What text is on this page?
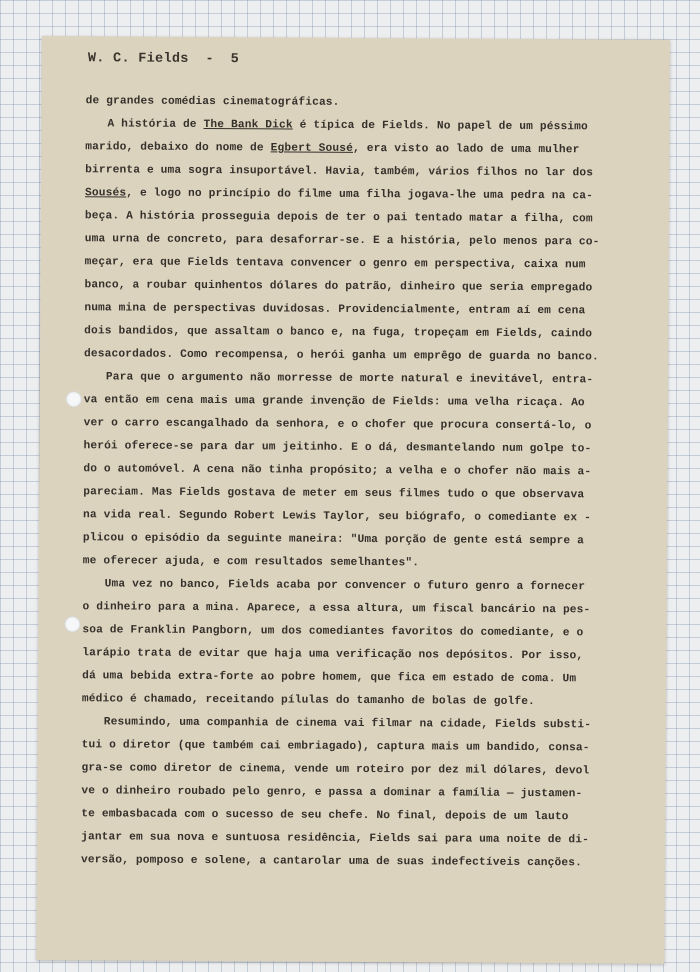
W. C. Fields  -  5
de grandes comédias cinematográficas.
A história de The Bank Dick é típica de Fields. No papel de um péssimo
marido, debaixo do nome de Egbert Sousé, era visto ao lado de uma mulher
birrenta e uma sogra insuportável. Havia, também, vários filhos no lar dos
Sousés, e logo no princípio do filme uma filha jogava-lhe uma pedra na ca-
beça. A história prosseguia depois de ter o pai tentado matar a filha, com
uma urna de concreto, para desaforrar-se. E a história, pelo menos para co-
meçar, era que Fields tentava convencer o genro em perspectiva, caixa num
banco, a roubar quinhentos dólares do patrão, dinheiro que seria empregado
numa mina de perspectivas duvidosas. Providencialmente, entram aí em cena
dois bandidos, que assaltam o banco e, na fuga, tropeçam em Fields, caindo
desacordados. Como recompensa, o herói ganha um emprêgo de guarda no banco.
Para que o argumento não morresse de morte natural e inevitável, entra-
va então em cena mais uma grande invenção de Fields: uma velha ricaça. Ao
ver o carro escangalhado da senhora, e o chofer que procura consertá-lo, o
herói oferece-se para dar um jeitinho. E o dá, desmantelando num golpe to-
do o automóvel. A cena não tinha propósito; a velha e o chofer não mais a-
pareciam. Mas Fields gostava de meter em seus filmes tudo o que observava
na vida real. Segundo Robert Lewis Taylor, seu biógrafo, o comediante ex -
plicou o episódio da seguinte maneira: "Uma porção de gente está sempre a
me oferecer ajuda, e com resultados semelhantes".
Uma vez no banco, Fields acaba por convencer o futuro genro a fornecer
o dinheiro para a mina. Aparece, a essa altura, um fiscal bancário na pes-
soa de Franklin Pangborn, um dos comediantes favoritos do comediante, e o
larápio trata de evitar que haja uma verificação nos depósitos. Por isso,
dá uma bebida extra-forte ao pobre homem, que fica em estado de coma. Um
médico é chamado, receitando pílulas do tamanho de bolas de golfe.
Resumindo, uma companhia de cinema vai filmar na cidade, Fields substi-
tui o diretor (que também cai embriagado), captura mais um bandido, consa-
gra-se como diretor de cinema, vende um roteiro por dez mil dólares, devol
ve o dinheiro roubado pelo genro, e passa a dominar a família — justamen-
te embasbacada com o sucesso de seu chefe. No final, depois de um lauto
jantar em sua nova e suntuosa residência, Fields sai para uma noite de di-
versão, pomposo e solene, a cantarolar uma de suas indefectíveis canções.
